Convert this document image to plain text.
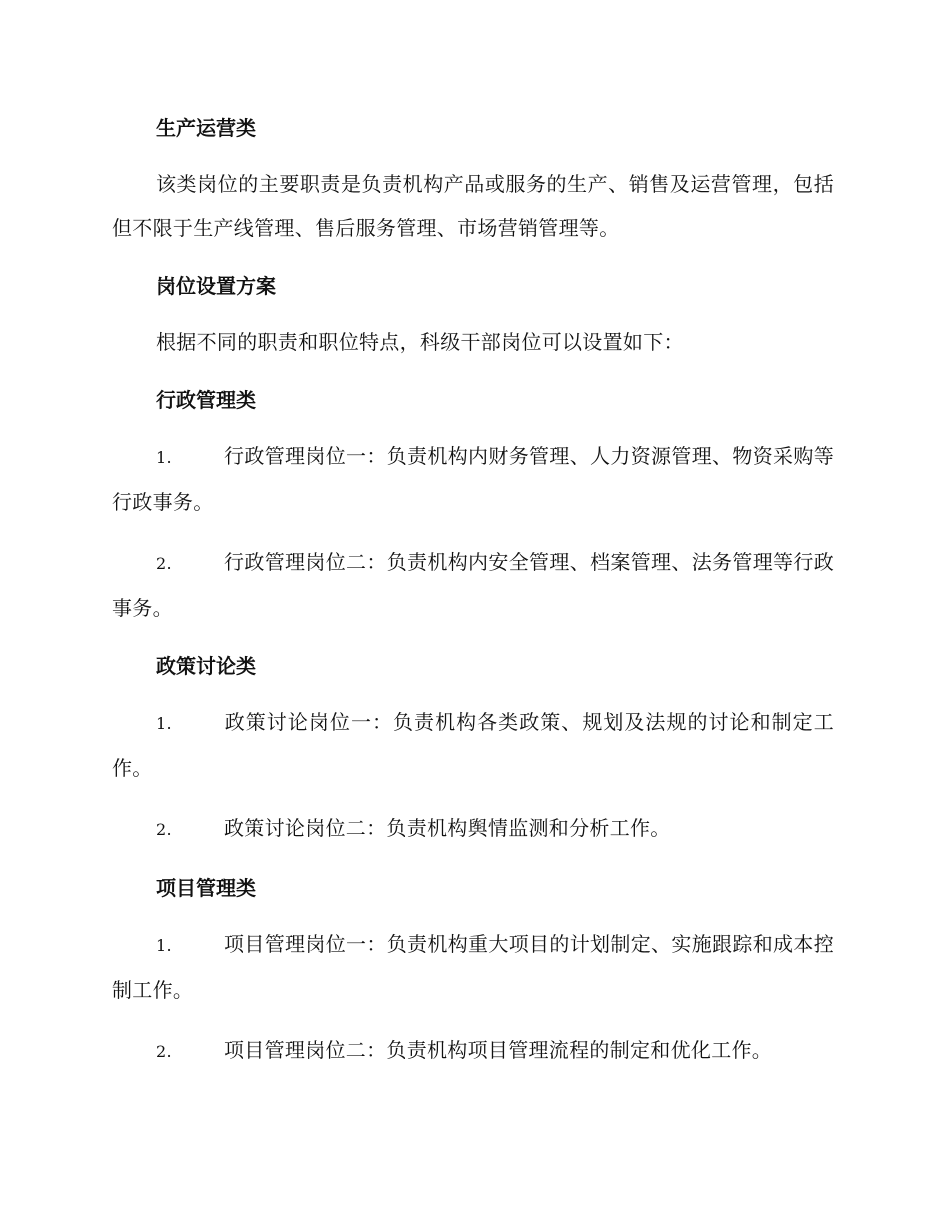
生产运营类

该类岗位的主要职责是负责机构产品或服务的生产、销售及运营管理，包括但不限于生产线管理、售后服务管理、市场营销管理等。

岗位设置方案

根据不同的职责和职位特点，科级干部岗位可以设置如下：

行政管理类

1.	行政管理岗位一：负责机构内财务管理、人力资源管理、物资采购等行政事务。

2.	行政管理岗位二：负责机构内安全管理、档案管理、法务管理等行政事务。

政策讨论类

1.	政策讨论岗位一：负责机构各类政策、规划及法规的讨论和制定工作。

2.	政策讨论岗位二：负责机构舆情监测和分析工作。

项目管理类

1.	项目管理岗位一：负责机构重大项目的计划制定、实施跟踪和成本控制工作。

2.	项目管理岗位二：负责机构项目管理流程的制定和优化工作。
